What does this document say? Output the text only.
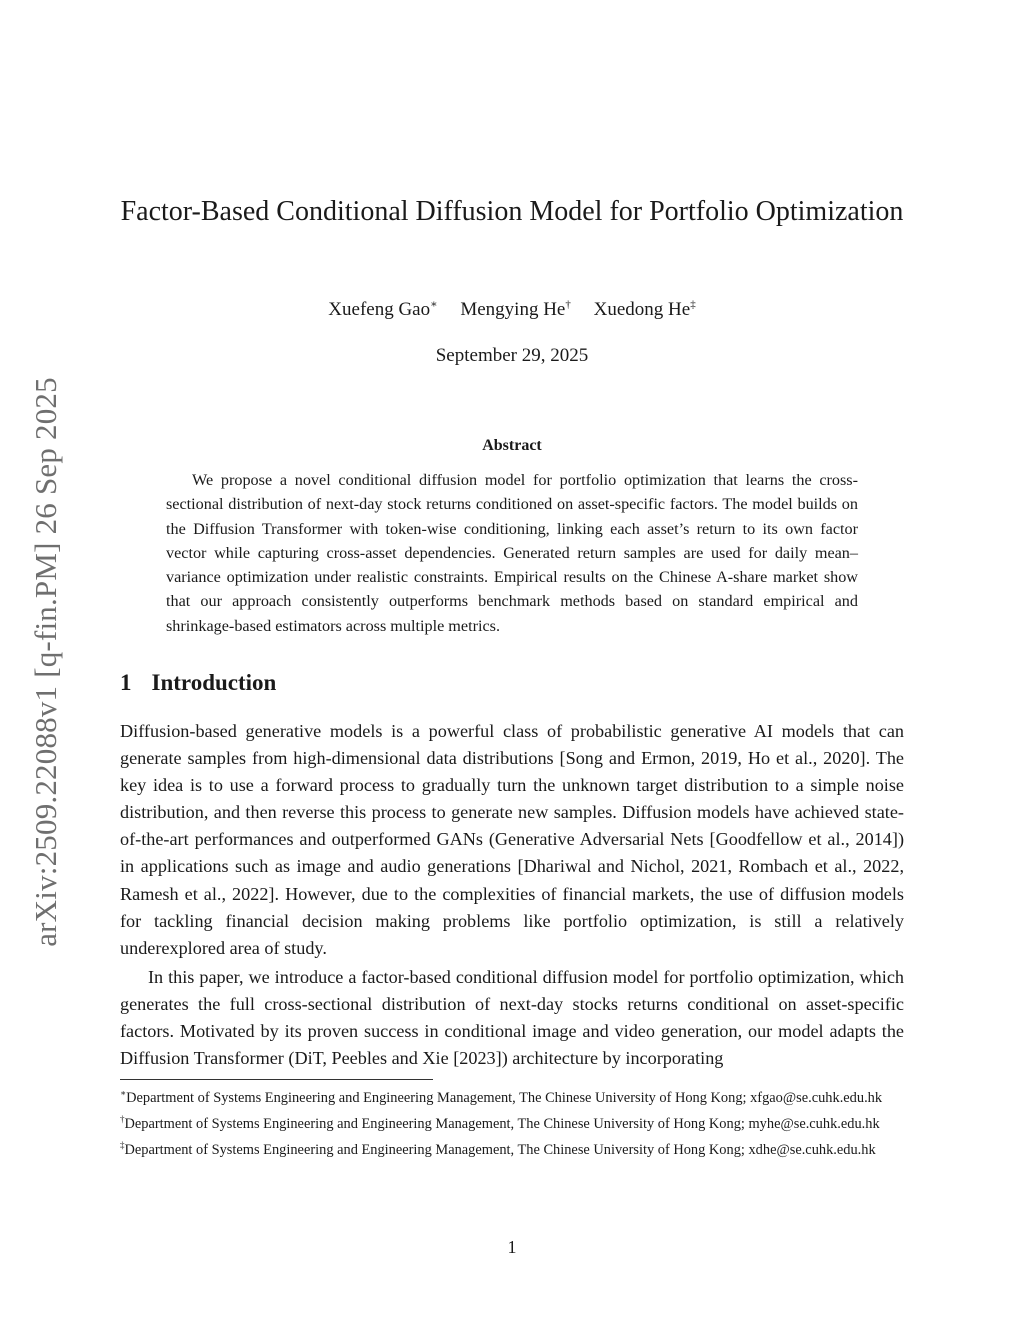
arXiv:2509.22088v1 [q-fin.PM] 26 Sep 2025
Factor-Based Conditional Diffusion Model for Portfolio Optimization
Xuefeng Gao∗ Mengying He† Xuedong He‡
September 29, 2025
Abstract

We propose a novel conditional diffusion model for portfolio optimization that learns the cross-sectional distribution of next-day stock returns conditioned on asset-specific factors. The model builds on the Diffusion Transformer with token-wise conditioning, linking each asset’s return to its own factor vector while capturing cross-asset dependencies. Generated return samples are used for daily mean–variance optimization under realistic constraints. Empirical results on the Chinese A-share market show that our approach consistently outperforms benchmark methods based on standard empirical and shrinkage-based estimators across multiple metrics.

1 Introduction

Diffusion-based generative models is a powerful class of probabilistic generative AI models that can generate samples from high-dimensional data distributions [Song and Ermon, 2019, Ho et al., 2020]. The key idea is to use a forward process to gradually turn the unknown target distribution to a simple noise distribution, and then reverse this process to generate new samples. Diffusion models have achieved state-of-the-art performances and outperformed GANs (Generative Adversarial Nets [Goodfellow et al., 2014]) in applications such as image and audio generations [Dhariwal and Nichol, 2021, Rombach et al., 2022, Ramesh et al., 2022]. However, due to the complexities of financial markets, the use of diffusion models for tackling financial decision making problems like portfolio optimization, is still a relatively underexplored area of study.

In this paper, we introduce a factor-based conditional diffusion model for portfolio optimization, which generates the full cross-sectional distribution of next-day stocks returns conditional on asset-specific factors. Motivated by its proven success in conditional image and video generation, our model adapts the Diffusion Transformer (DiT, Peebles and Xie [2023]) architecture by incorporating

∗Department of Systems Engineering and Engineering Management, The Chinese University of Hong Kong; xfgao@se.cuhk.edu.hk

†Department of Systems Engineering and Engineering Management, The Chinese University of Hong Kong; myhe@se.cuhk.edu.hk

‡Department of Systems Engineering and Engineering Management, The Chinese University of Hong Kong; xdhe@se.cuhk.edu.hk

1
